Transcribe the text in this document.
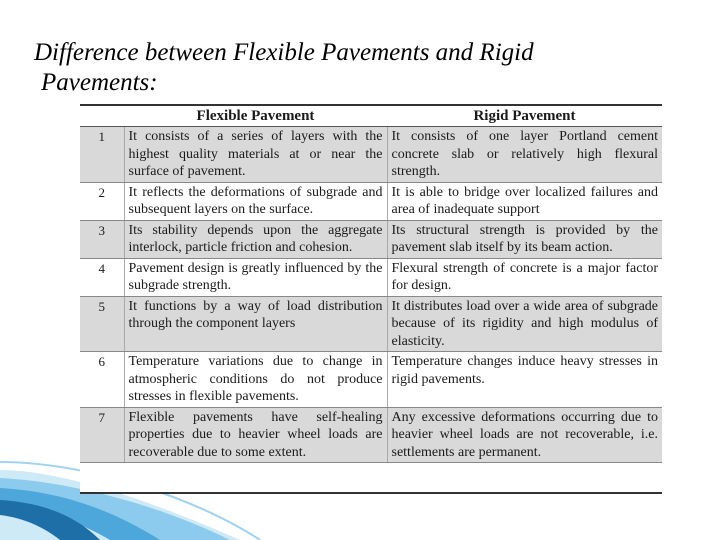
Difference between Flexible Pavements and Rigid
Pavements:
	Flexible Pavement	Rigid Pavement
1	It consists of a series of layers with the highest quality materials at or near the surface of pavement.	It consists of one layer Portland cement concrete slab or relatively high flexural strength.
2	It reflects the deformations of subgrade and subsequent layers on the surface.	It is able to bridge over localized failures and area of inadequate support
3	Its stability depends upon the aggregate interlock, particle friction and cohesion.	Its structural strength is provided by the pavement slab itself by its beam action.
4	Pavement design is greatly influenced by the subgrade strength.	Flexural strength of concrete is a major factor for design.
5	It functions by a way of load distribution through the component layers	It distributes load over a wide area of subgrade because of its rigidity and high modulus of elasticity.
6	Temperature variations due to change in atmospheric conditions do not produce stresses in flexible pavements.	Temperature changes induce heavy stresses in rigid pavements.
7	Flexible pavements have self-healing properties due to heavier wheel loads are recoverable due to some extent.	Any excessive deformations occurring due to heavier wheel loads are not recoverable, i.e. settlements are permanent.
